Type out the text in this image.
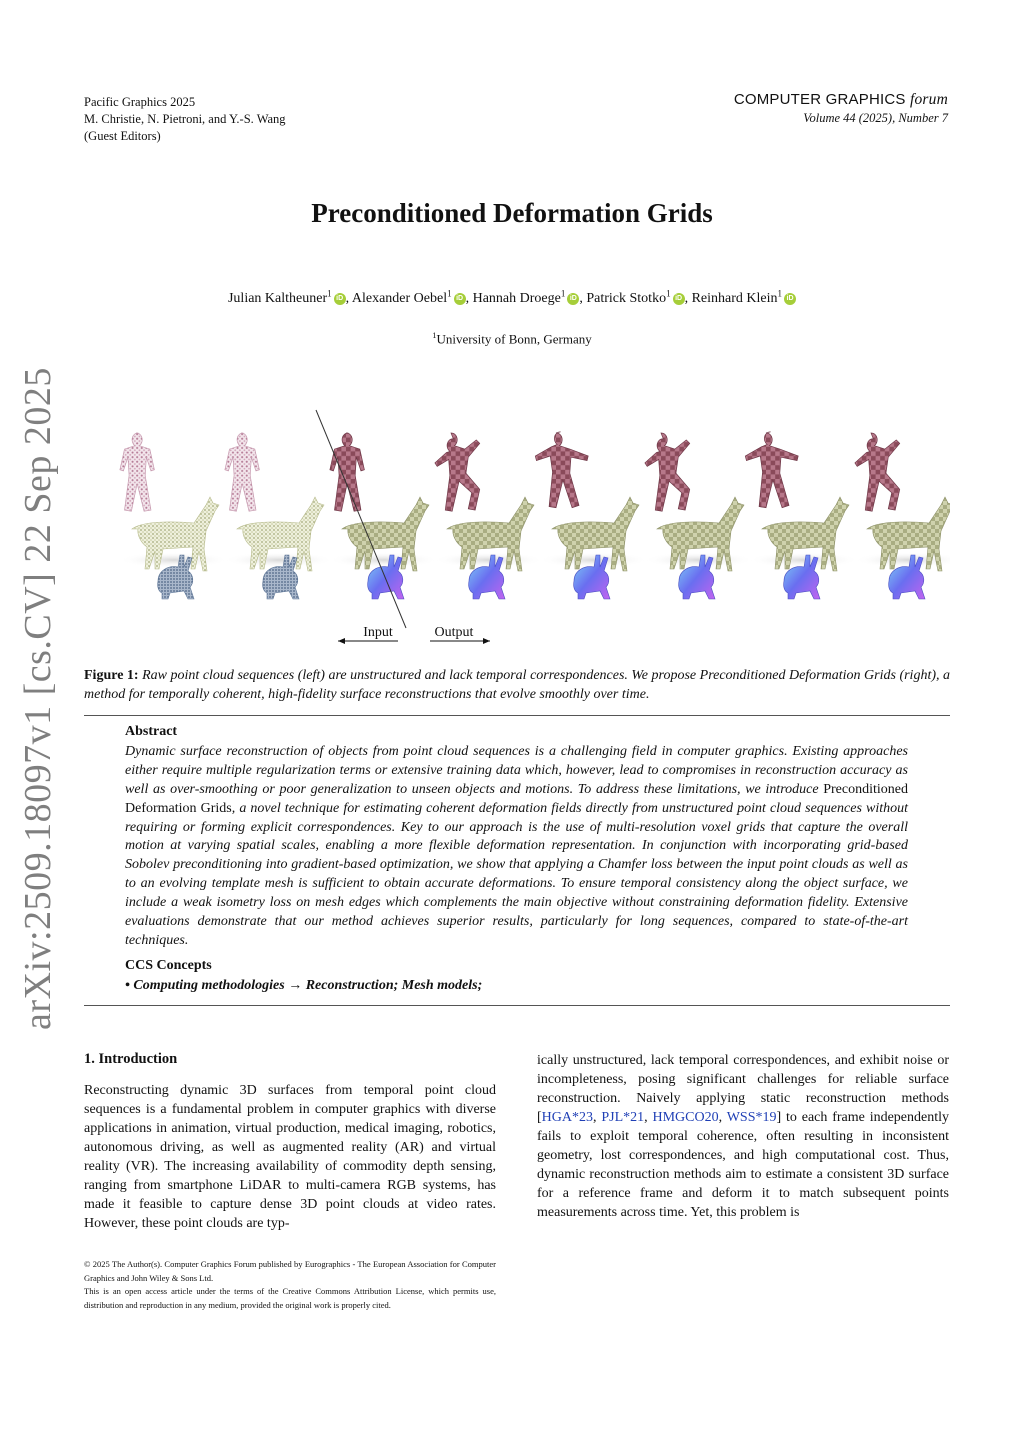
Pacific Graphics 2025
M. Christie, N. Pietroni, and Y.-S. Wang
(Guest Editors)
COMPUTER GRAPHICS forum
Volume 44 (2025), Number 7
Preconditioned Deformation Grids
Julian Kaltheuner$^1$iD , Alexander Oebel$^1$iD , Hannah Droege$^1$iD , Patrick Stotko$^1$iD , Reinhard Klein$^1$iD
$^1$University of Bonn, Germany
arXiv:2509.18097v1 [cs.CV] 22 Sep 2025	Input	Output
Figure 1: Raw point cloud sequences (left) are unstructured and lack temporal correspondences. We propose Preconditioned Deformation Grids (right), a method for temporally coherent, high-fidelity surface reconstructions that evolve smoothly over time.
Abstract
Dynamic surface reconstruction of objects from point cloud sequences is a challenging field in computer graphics. Existing approaches either require multiple regularization terms or extensive training data which, however, lead to compromises in reconstruction accuracy as well as over-smoothing or poor generalization to unseen objects and motions. To address these limitations, we introduce Preconditioned Deformation Grids, a novel technique for estimating coherent deformation fields directly from unstructured point cloud sequences without requiring or forming explicit correspondences. Key to our approach is the use of multi-resolution voxel grids that capture the overall motion at varying spatial scales, enabling a more flexible deformation representation. In conjunction with incorporating grid-based Sobolev preconditioning into gradient-based optimization, we show that applying a Chamfer loss between the input point clouds as well as to an evolving template mesh is sufficient to obtain accurate deformations. To ensure temporal consistency along the object surface, we include a weak isometry loss on mesh edges which complements the main objective without constraining deformation fidelity. Extensive evaluations demonstrate that our method achieves superior results, particularly for long sequences, compared to state-of-the-art techniques.
CCS Concepts
• Computing methodologies → Reconstruction; Mesh models;
1. Introduction

Reconstructing dynamic 3D surfaces from temporal point cloud sequences is a fundamental problem in computer graphics with diverse applications in animation, virtual production, medical imaging, robotics, autonomous driving, as well as augmented reality (AR) and virtual reality (VR). The increasing availability of commodity depth sensing, ranging from smartphone LiDAR to multi-camera RGB systems, has made it feasible to capture dense 3D point clouds at video rates. However, these point clouds are typ-

ically unstructured, lack temporal correspondences, and exhibit noise or incompleteness, posing significant challenges for reliable surface reconstruction. Naively applying static reconstruction methods [HGA*23, PJL*21, HMGCO20, WSS*19] to each frame independently fails to exploit temporal coherence, often resulting in inconsistent geometry, lost correspondences, and high computational cost. Thus, dynamic reconstruction methods aim to estimate a consistent 3D surface for a reference frame and deform it to match subsequent points measurements across time. Yet, this problem is

© 2025 The Author(s). Computer Graphics Forum published by Eurographics - The European Association for Computer Graphics and John Wiley & Sons Ltd.
This is an open access article under the terms of the Creative Commons Attribution License, which permits use, distribution and reproduction in any medium, provided the original work is properly cited.
